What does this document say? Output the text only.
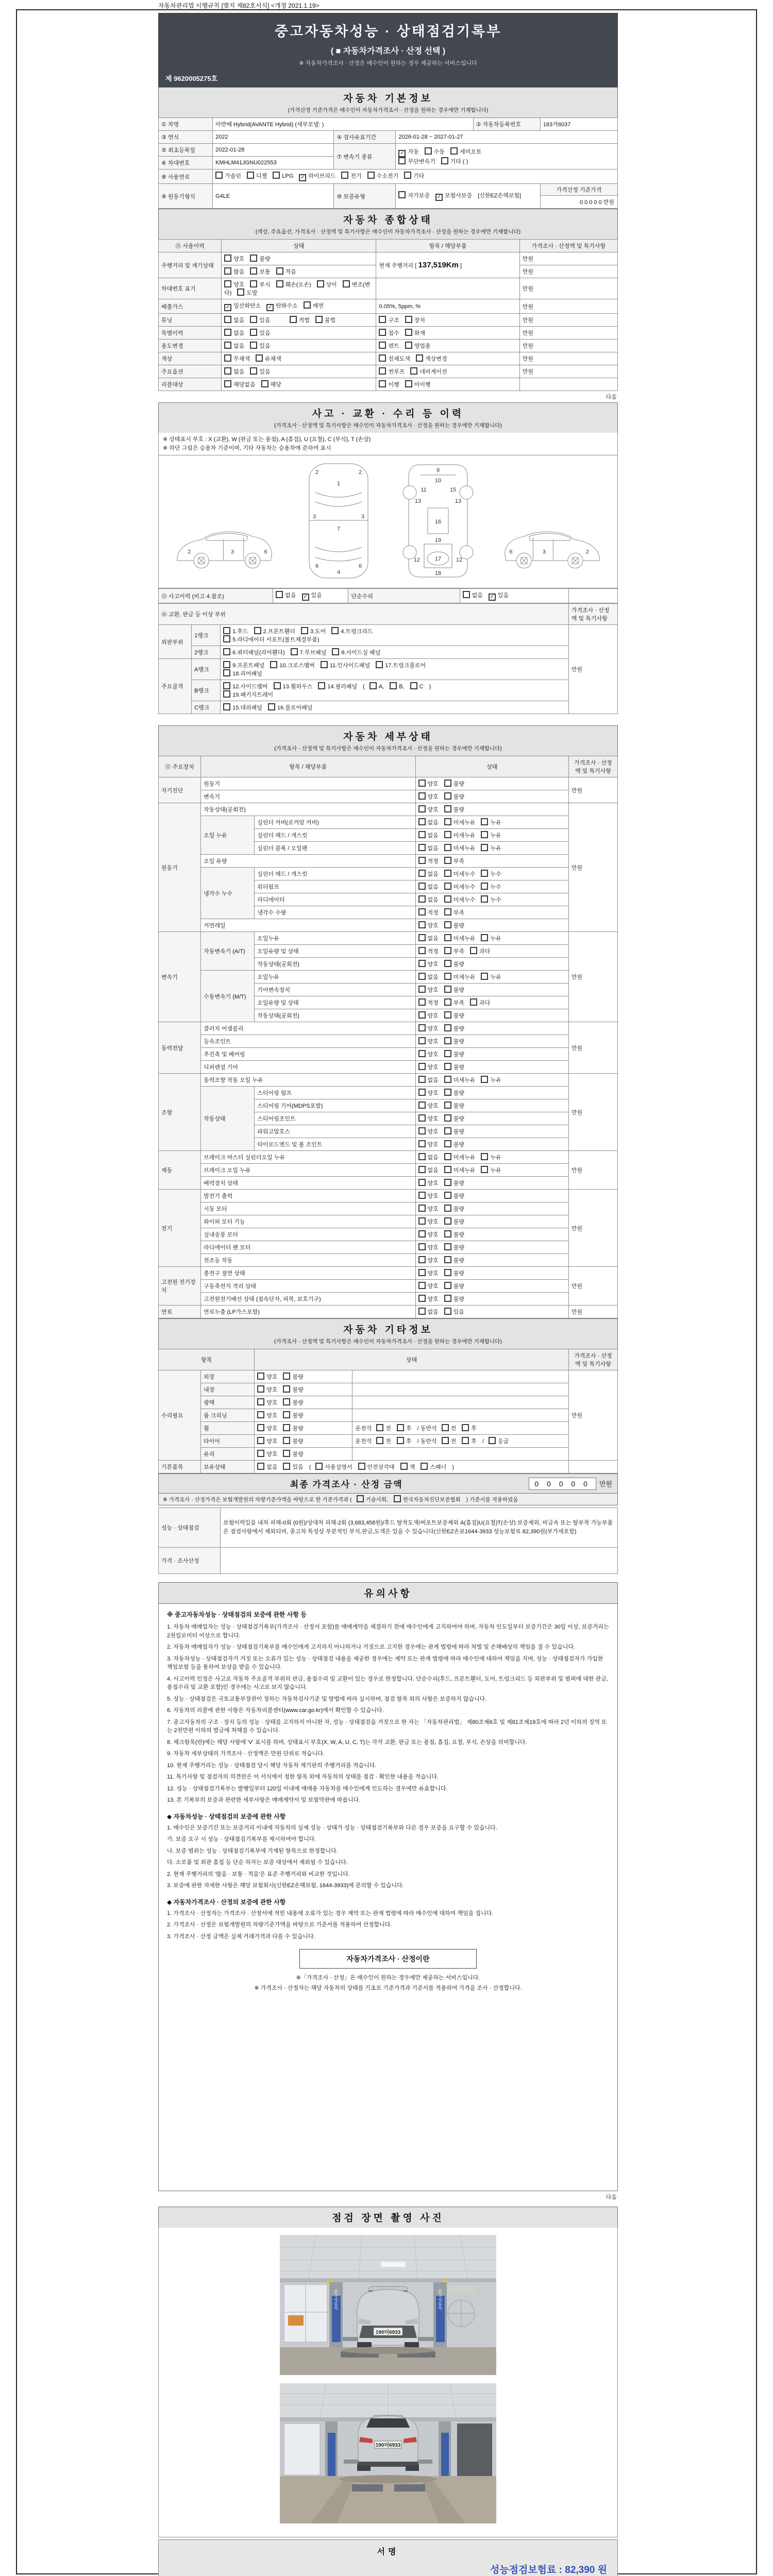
자동차관리법 시행규칙 [별지 제82호서식] <개정 2021.1.19>
중고자동차성능 · 상태점검기록부
( ■ 자동차가격조사 · 산정 선택 )
※ 자동차가격조사 · 산정은 매수인이 원하는 경우 제공하는 서비스입니다
제 9620005275호
자동차 기본정보
(가격산정 기준가격은 매수인이 자동차가격조사 · 산정을 원하는 경우에만 기재합니다)
① 차명	아반떼 Hybrid(AVANTE Hybrid) (세부모델: )			② 자동차등록번호	183거6037
③ 연식	2022	④ 검사유효기간	2026-01-28 ~ 2027-01-27		
⑤ 최초등록일	2022-01-28	⑦ 변속기 종류	✓ 자동 수동 세미오토
무단변속기 기타 ( )		
⑥ 차대번호	KMHLM41JGNU022553				
⑧ 사용연료	가솔린 디젤 LPG ✓ 하이브리드 전기 수소전기 기타				
⑨ 원동기형식	G4LE	⑩ 보증유형	자가보증 ✓ 보험사보증 [신한EZ손해보험]		가격산정 기준가격
0 0 0 0 0 만원
자동차 종합상태
(색상, 주요옵션, 가격조사 · 산정액 및 특기사항은 매수인이 자동차가격조사 · 산정을 원하는 경우에만 기재합니다)
⑪ 사용이력	상태	항목 / 해당부품	가격조사 · 산정액 및 특기사항
주행거리 및 계기상태	양호 불량	현재 주행거리 [ 137,519Km ]	만원
	많음 보통 적음		만원
차대번호 표기	양호 부식 훼손(오손) 상이 변조(변타) 도말		만원
배출가스	✓ 일산화탄소 ✓ 탄화수소 매연	0.05%, 5ppm, %	만원
튜닝	없음 있음 적법 불법	구조 장치	만원
특별이력	없음 있음	침수 화재	만원
용도변경	없음 있음	렌트 영업용	만원
색상	무채색 유채색	전체도색 색상변경	만원
주요옵션	없음 있음	썬루프 네비게이션	만원
리콜대상	해당없음 해당	이행 미이행	
다음
사고 · 교환 · 수리 등 이력
(가격조사 · 산정액 및 특기사항은 매수인이 자동차가격조사 · 산정을 원하는 경우에만 기재합니다)
※ 상태표시 부호 : X (교환), W (판금 또는 용접), A (흠집), U (요철), C (부식), T (손상)
※ 하단 그림은 승용차 기준이며, 기타 자동차는 승용차에 준하여 표시
2	3	6
1
2	2
3	3
7
6	6
4
9
10
11
13	13
15
16
19
12	12
17
18
6	3	2
⑮ 사고이력 (비고 4.참조)	없음 ✓ 있음	단순수리	없음 ✓ 있음	
⑯ 교환, 판금 등 이상 부위			가격조사 · 산정액 및 특기사항
외판부위	1랭크	1.후드 2.프론트휀더 3.도어 4.트렁크리드
5.라디에이터 서포트(볼트체결부품)	만원
	2랭크	6.쿼터패널(리어휀다) 7.루브패널 8.사이드실 패널	
주요골격	A랭크	9.프론트패널 10.크로스멤버 11.인사이드패널 17.트렁크플로어
18.리어패널	
	B랭크	12.사이드멤버 13.휠하우스 14.필러패널 ( A, B, C )
19.패키지트레이	
	C랭크	15.대쉬패널 16.플로어패널	
자동차 세부상태
(가격조사 · 산정액 및 특기사항은 매수인이 자동차가격조사 · 산정을 원하는 경우에만 기재합니다)
⑰ 주요장치	항목 / 해당부품		상태	가격조사 · 산정액 및 특기사항
자기진단	원동기		양호 불량	만원
	변속기		양호 불량	
원동기	작동상태(공회전)		양호 불량	만원
	오일 누유	실린더 커버(로커암 커버)	없음 미세누유 누유	
		실린더 헤드 / 개스킷	없음 미세누유 누유	
		실린더 블록 / 오일팬	없음 미세누유 누유	
	오일 유량		적정 부족	
	냉각수 누수	실린더 헤드 / 개스킷	없음 미세누수 누수	
		워터펌프	없음 미세누수 누수	
		라디에이터	없음 미세누수 누수	
		냉각수 수량	적정 부족	
	커먼레일		양호 불량	
변속기	자동변속기 (A/T)	오일누유	없음 미세누유 누유	만원
		오일유량 및 상태	적정 부족 과다	
		작동상태(공회전)	양호 불량	
	수동변속기 (M/T)	오일누유	없음 미세누유 누유	
		기어변속장치	양호 불량	
		오일유량 및 상태	적정 부족 과다	
		작동상태(공회전)	양호 불량	
동력전달	클러치 어셈블리		양호 불량	만원
	등속조인트		양호 불량	
	추진축 및 베어링		양호 불량	
	디퍼렌셜 기어		양호 불량	
조향	동력조향 작동 오일 누유		없음 미세누유 누유	만원
	작동상태	스티어링 펌프	양호 불량	
		스티어링 기어(MDPS포함)	양호 불량	
		스티어링조인트	양호 불량	
		파워고압호스	양호 불량	
		타이로드엔드 및 볼 조인트	양호 불량	
제동	브레이크 마스터 실린더오일 누유		없음 미세누유 누유	만원
	브레이크 오일 누유		없음 미세누유 누유	
	배력장치 상태		양호 불량	
전기	발전기 출력		양호 불량	만원
	시동 모터		양호 불량	
	와이퍼 모터 기능		양호 불량	
	실내송풍 모터		양호 불량	
	라디에이터 팬 모터		양호 불량	
	전조등 작동		양호 불량	
고전원 전기장치	충전구 절연 상태		양호 불량	만원
	구동축전지 격리 상태		양호 불량	
	고전원전기배선 상태 (접속단자, 피복, 보호기구)		양호 불량	
연료	연료누출 (LP가스포함)		없음 있음	만원
자동차 기타정보
(가격조사 · 산정액 및 특기사항은 매수인이 자동차가격조사 · 산정을 원하는 경우에만 기재합니다)
항목		상태		가격조사 · 산정액 및 특기사항
수리필요	외장	양호 불량		만원
	내장	양호 불량		
	광택	양호 불량		
	룸 크리닝	양호 불량		
	휠	양호 불량	운전석 전 후 / 동반석 전 후	
	타이어	양호 불량	운전석 전 후 / 동반석 전 후 / 응급	
	유리	양호 불량		
기본품목	보유상태	없음 있음 ( 사용설명서 안전삼각대 잭 스패너 )		
최종 가격조사 · 산정 금액	0 0 0 0 0	만원
※ 가격조사 · 산정가격은 보험개발원의 차량기준가액을 바탕으로 한 기준가격과 (	기술사회,	한국자동차진단보증협회 ) 기준서를 적용하였음
성능 · 상태점검	보험이력있음 내차 피해-0회 (0원)/상대차 피해-2회 (3,683,458원)/후드 탈착도색/써포트보증제외 A(흠집)U(요철)T(손상) 보증제외, 비금속 또는 탈부착 가능부품은 점검사항에서 제외되며, 중고차 특성상 부분적인 부식,판금,도색은 있을 수 있습니다(신한EZ손보1644-3933 성능보험료 82,390원(부가세포함)
가격 · 조사산정	
유의사항
※ 중고자동차성능 · 상태점검의 보증에 관한 사항 등
1. 자동차 매매업자는 성능 · 상태점검기록부(가격조사 · 산정서 포함)를 매매계약을 체결하기 전에 매수인에게 고지하여야 하며, 자동차 인도일부터 보증기간은 30일 이상, 보증거리는 2천킬로미터 이상으로 합니다.
2. 자동차 매매업자가 성능 · 상태점검기록부를 매수인에게 고지하지 아니하거나 거짓으로 고지한 경우에는 관계 법령에 따라 처벌 및 손해배상의 책임을 질 수 있습니다.
3. 자동차성능 · 상태점검자가 거짓 또는 오류가 있는 성능 · 상태점검 내용을 제공한 경우에는 계약 또는 관계 법령에 따라 매수인에 대하여 책임을 지며, 성능 · 상태점검자가 가입한 책임보험 등을 통하여 보상을 받을 수 있습니다.
4. 사고이력 인정은 사고로 자동차 주요골격 부위의 판금, 용접수리 및 교환이 있는 경우로 한정합니다. 단순수리(후드, 프론트휀더, 도어, 트렁크리드 등 외판부위 및 범퍼에 대한 판금, 용접수리 및 교환 포함)인 경우에는 사고로 보지 않습니다.
5. 성능 · 상태점검은 국토교통부장관이 정하는 자동차검사기준 및 방법에 따라 실시하며, 점검 항목 외의 사항은 보증하지 않습니다.
6. 자동차의 리콜에 관한 사항은 자동차리콜센터(www.car.go.kr)에서 확인할 수 있습니다.
7. 중고자동차의 구조 · 장치 등의 성능 · 상태를 고지하지 아니한 자, 성능 · 상태점검을 거짓으로 한 자는 「자동차관리법」 제80조제6호 및 제81조제19호에 따라 2년 이하의 징역 또는 2천만원 이하의 벌금에 처해질 수 있습니다.
8. 체크항목(란)에는 해당 사항에 'V' 표시를 하며, 상태표시 부호(X, W, A, U, C, T)는 각각 교환, 판금 또는 용접, 흠집, 요철, 부식, 손상을 의미합니다.
9. 자동차 세부상태의 가격조사 · 산정액은 만원 단위로 적습니다.
10. 현재 주행거리는 성능 · 상태점검 당시 해당 자동차 계기판의 주행거리를 적습니다.
11. 특기사항 및 점검자의 의견란은 이 서식에서 정한 항목 외에 자동차의 상태를 점검 · 확인한 내용을 적습니다.
12. 성능 · 상태점검기록부는 발행일부터 120일 이내에 매매용 자동차를 매수인에게 인도하는 경우에만 유효합니다.
13. 본 기록부의 보증과 관련한 세부사항은 매매계약서 및 보험약관에 따릅니다.
◆ 자동차성능 · 상태점검의 보증에 관한 사항
1. 매수인은 보증기간 또는 보증거리 이내에 자동차의 실제 성능 · 상태가 성능 · 상태점검기록부와 다른 경우 보증을 요구할 수 있습니다.
가. 보증 요구 시 성능 · 상태점검기록부를 제시하여야 합니다.
나. 보증 범위는 성능 · 상태점검기록부에 기재된 항목으로 한정합니다.
다. 소모품 및 외관 흠집 등 단순 하자는 보증 대상에서 제외될 수 있습니다.
2. 현재 주행거리의 '많음 · 보통 · 적음'은 표준 주행거리와 비교한 것입니다.
3. 보증에 관한 자세한 사항은 해당 보험회사(신한EZ손해보험, 1644-3933)에 문의할 수 있습니다.
◆ 자동차가격조사 · 산정의 보증에 관한 사항
1. 가격조사 · 산정자는 가격조사 · 산정서에 적힌 내용에 오류가 있는 경우 계약 또는 관계 법령에 따라 매수인에 대하여 책임을 집니다.
2. 가격조사 · 산정은 보험개발원의 차량기준가액을 바탕으로 기준서를 적용하여 산정합니다.
3. 가격조사 · 산정 금액은 실제 거래가격과 다를 수 있습니다.
자동차가격조사 · 산정이란
※「가격조사 · 산정」은 매수인이 원하는 경우에만 제공하는 서비스입니다.
※ 가격조사 · 산정자는 해당 자동차의 상태를 기초로 기준가격과 기준서를 적용하여 가격을 조사 · 산정합니다.
다음
점검 장면 촬영 사진
한국자동차	한국자동차
190더6933
190더6933
서명
성능점검보험료 : 82,390 원
